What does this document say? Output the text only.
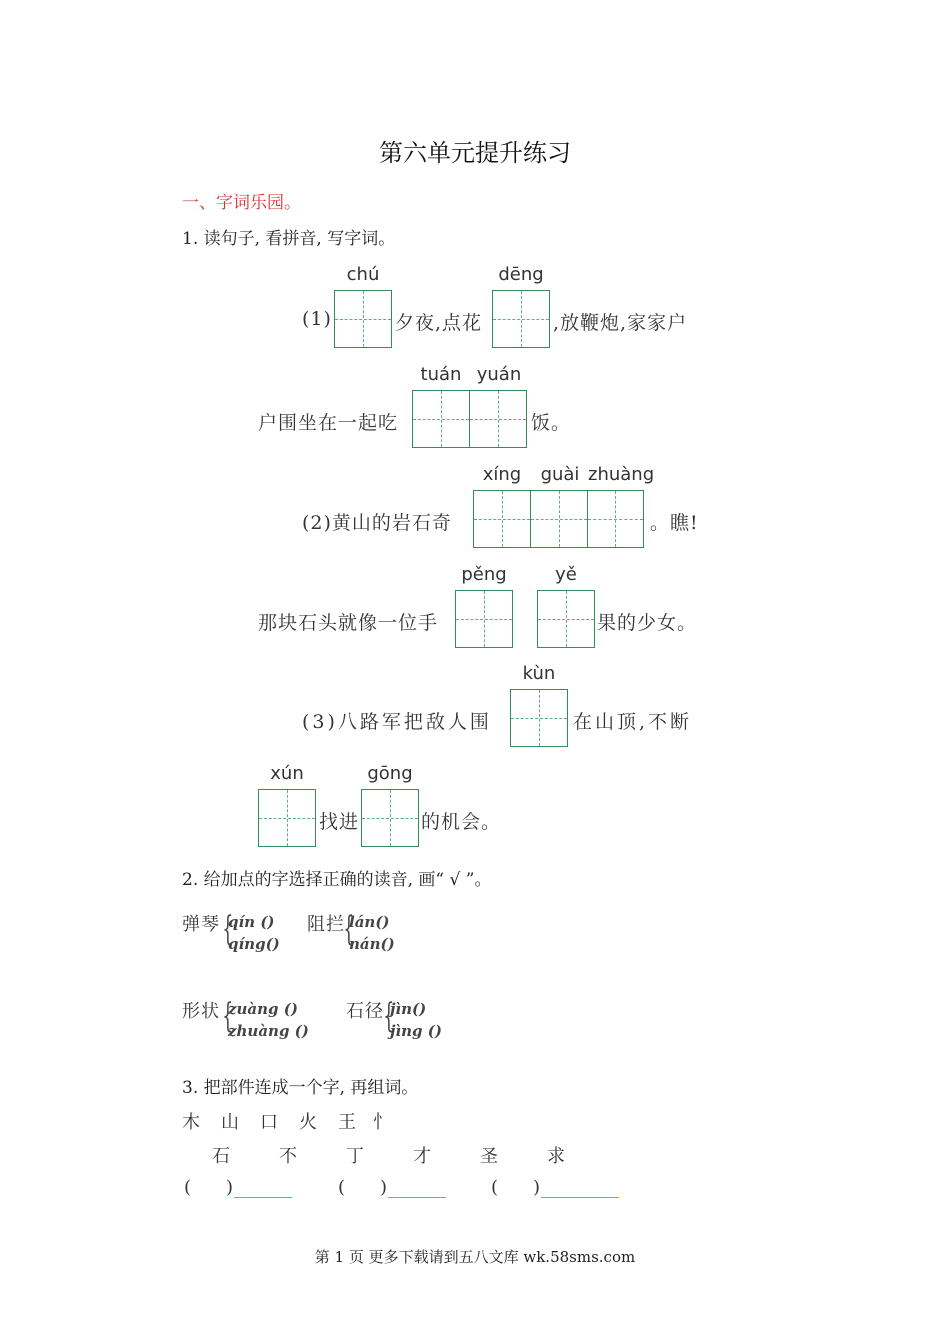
第六单元提升练习
一、字词乐园。
1. 读句子, 看拼音, 写字词。
chú	dēng
(1)	夕夜,点花	,放鞭炮,家家户
tuán yuán
户围坐在一起吃	饭。
xíng	guài zhuàng
(2)黄山的岩石奇	。瞧!
pěng	yě
那块石头就像一位手	果的少女。
kùn
(3)八路军把敌人围	在山顶,不断
xún	gōng
找进	的机会。
2. 给加点的字选择正确的读音, 画“ √ ”。
弹琴 {
qín ()
qíng()
阻拦
{
lán()
nán()
形状 {
zuàng ()
zhuàng ()
石径 {
jìn()
jìng ()
3. 把部件连成一个字, 再组词。
木 山 口 火 王 忄
石	不	丁	才	圣	求
( )	( )	( )
第 1 页 更多下载请到五八文库 wk.58sms.com
